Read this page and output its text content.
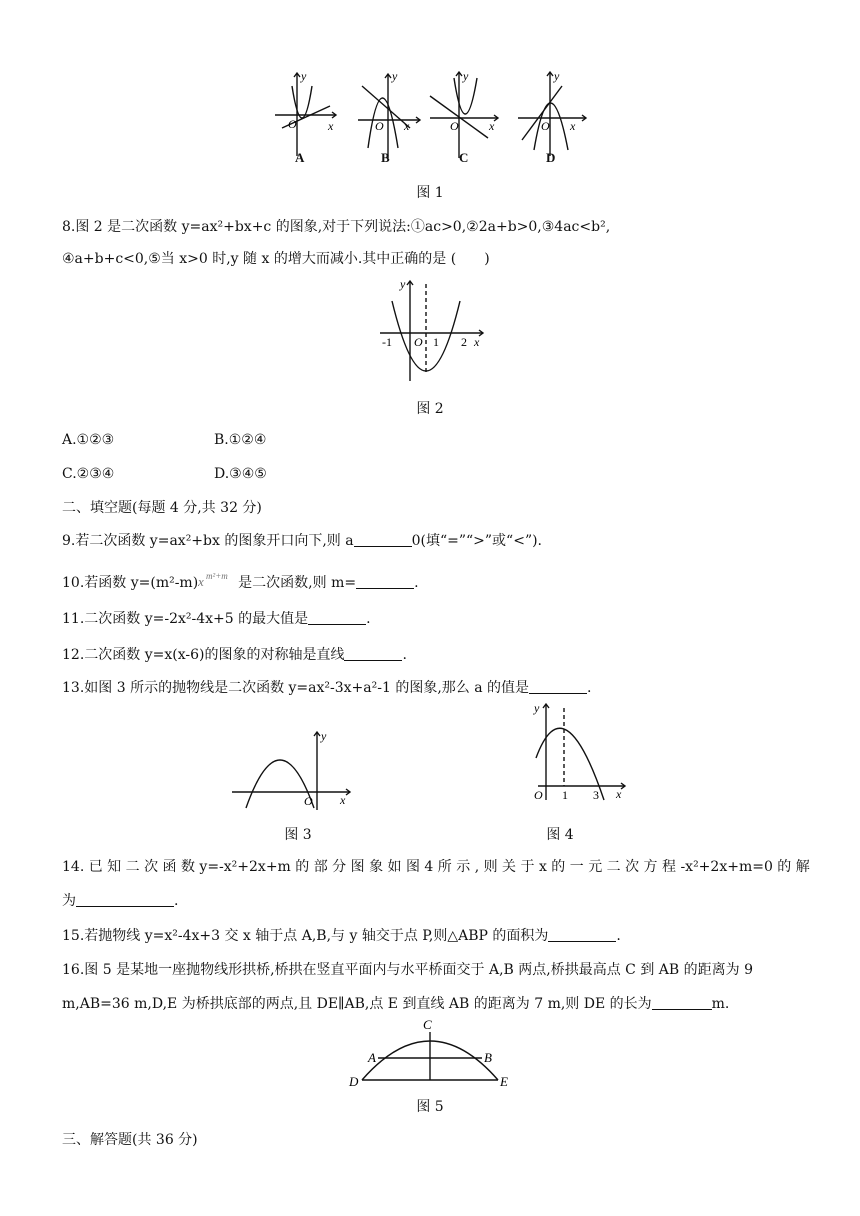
O
y
x	O
y
x	O
y
x	O
y
x
A	B	C	D
图 1
8.图 2 是二次函数 y=ax²+bx+c 的图象,对于下列说法:①ac>0,②2a+b>0,③4ac<b²,
④a+b+c<0,⑤当 x>0 时,y 随 x 的增大而减小.其中正确的是 (　　)
-1 O 1 2 x
y
图 2
A.①②③	B.①②④
C.②③④	D.③④⑤
二、填空题(每题 4 分,共 32 分)
9.若二次函数 y=ax²+bx 的图象开口向下,则 a	0(填“=”“>”或“<”).
10.若函数 y=(m²-m) x m²+m 是二次函数,则 m=	.
11.二次函数 y=-2x²-4x+5 的最大值是	.
12.二次函数 y=x(x-6)的图象的对称轴是直线	.
13.如图 3 所示的抛物线是二次函数 y=ax²-3x+a²-1 的图象,那么 a 的值是	.
O x
y
图 3
O 1 3 x
y
图 4
14. 已 知 二 次 函 数 y=-x²+2x+m 的 部 分 图 象 如 图 4 所 示 , 则 关 于 x 的 一 元 二 次 方 程 -x²+2x+m=0 的 解
为	.
15.若抛物线 y=x²-4x+3 交 x 轴于点 A,B,与 y 轴交于点 P,则△ABP 的面积为	.
16.图 5 是某地一座抛物线形拱桥,桥拱在竖直平面内与水平桥面交于 A,B 两点,桥拱最高点 C 到 AB 的距离为 9
m,AB=36 m,D,E 为桥拱底部的两点,且 DE∥AB,点 E 到直线 AB 的距离为 7 m,则 DE 的长为	m.
C
A	B
D	E
图 5
三、解答题(共 36 分)
